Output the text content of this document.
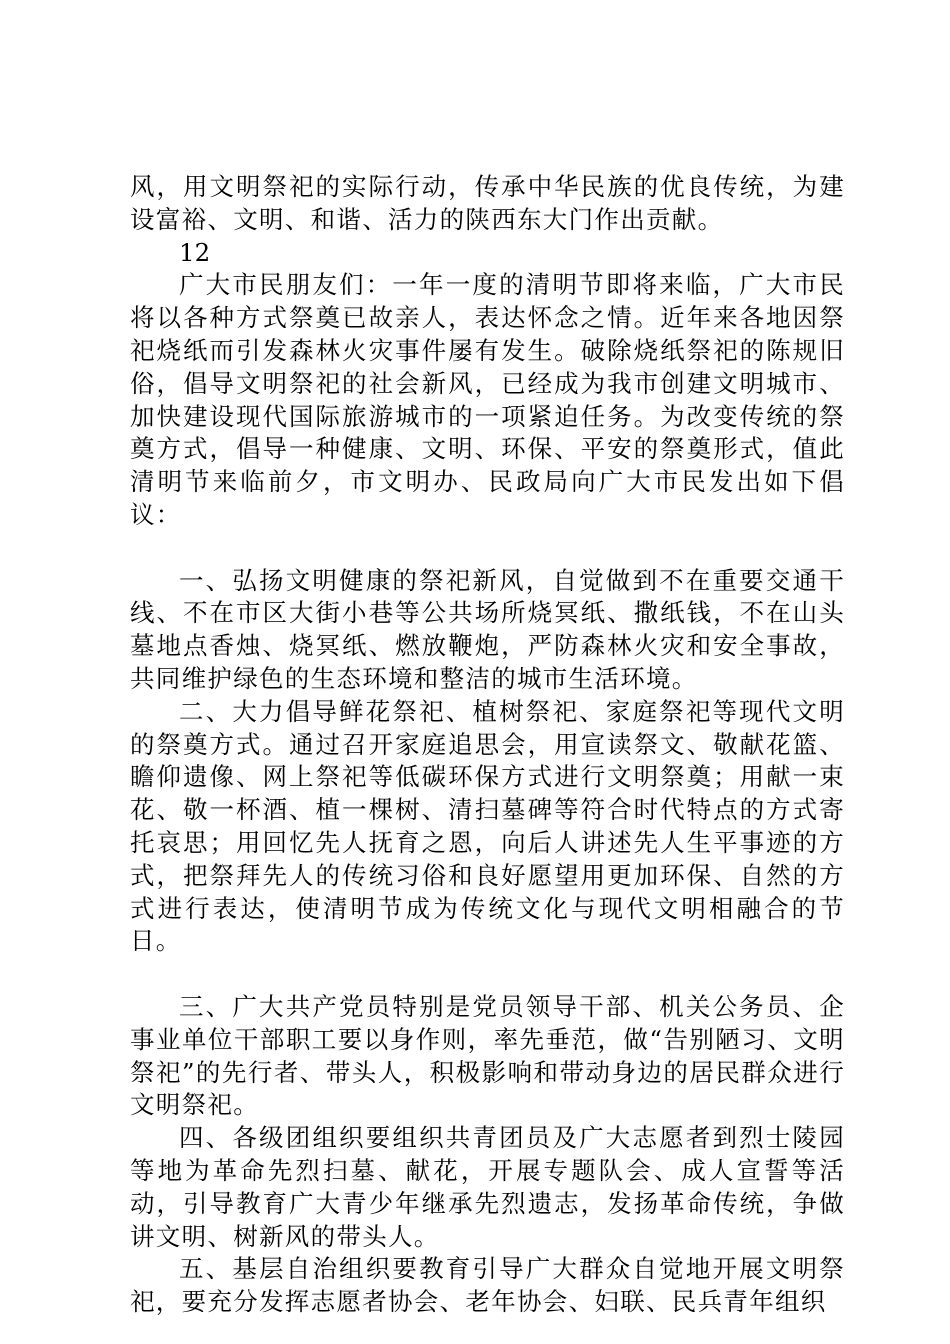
风，用文明祭祀的实际行动，传承中华民族的优良传统，为建设富裕、文明、和谐、活力的陕西东大门作出贡献。

12

广大市民朋友们：一年一度的清明节即将来临，广大市民将以各种方式祭奠已故亲人，表达怀念之情。近年来各地因祭祀烧纸而引发森林火灾事件屡有发生。破除烧纸祭祀的陈规旧俗，倡导文明祭祀的社会新风，已经成为我市创建文明城市、加快建设现代国际旅游城市的一项紧迫任务。为改变传统的祭奠方式，倡导一种健康、文明、环保、平安的祭奠形式，值此清明节来临前夕，市文明办、民政局向广大市民发出如下倡议：

一、弘扬文明健康的祭祀新风，自觉做到不在重要交通干线、不在市区大街小巷等公共场所烧冥纸、撒纸钱，不在山头墓地点香烛、烧冥纸、燃放鞭炮，严防森林火灾和安全事故，共同维护绿色的生态环境和整洁的城市生活环境。

二、大力倡导鲜花祭祀、植树祭祀、家庭祭祀等现代文明的祭奠方式。通过召开家庭追思会，用宣读祭文、敬献花篮、瞻仰遗像、网上祭祀等低碳环保方式进行文明祭奠；用献一束花、敬一杯酒、植一棵树、清扫墓碑等符合时代特点的方式寄托哀思；用回忆先人抚育之恩，向后人讲述先人生平事迹的方式，把祭拜先人的传统习俗和良好愿望用更加环保、自然的方式进行表达，使清明节成为传统文化与现代文明相融合的节日。

三、广大共产党员特别是党员领导干部、机关公务员、企事业单位干部职工要以身作则，率先垂范，做“告别陋习、文明祭祀”的先行者、带头人，积极影响和带动身边的居民群众进行文明祭祀。

四、各级团组织要组织共青团员及广大志愿者到烈士陵园等地为革命先烈扫墓、献花，开展专题队会、成人宣誓等活动，引导教育广大青少年继承先烈遗志，发扬革命传统，争做讲文明、树新风的带头人。

五、基层自治组织要教育引导广大群众自觉地开展文明祭祀，要充分发挥志愿者协会、老年协会、妇联、民兵青年组织
